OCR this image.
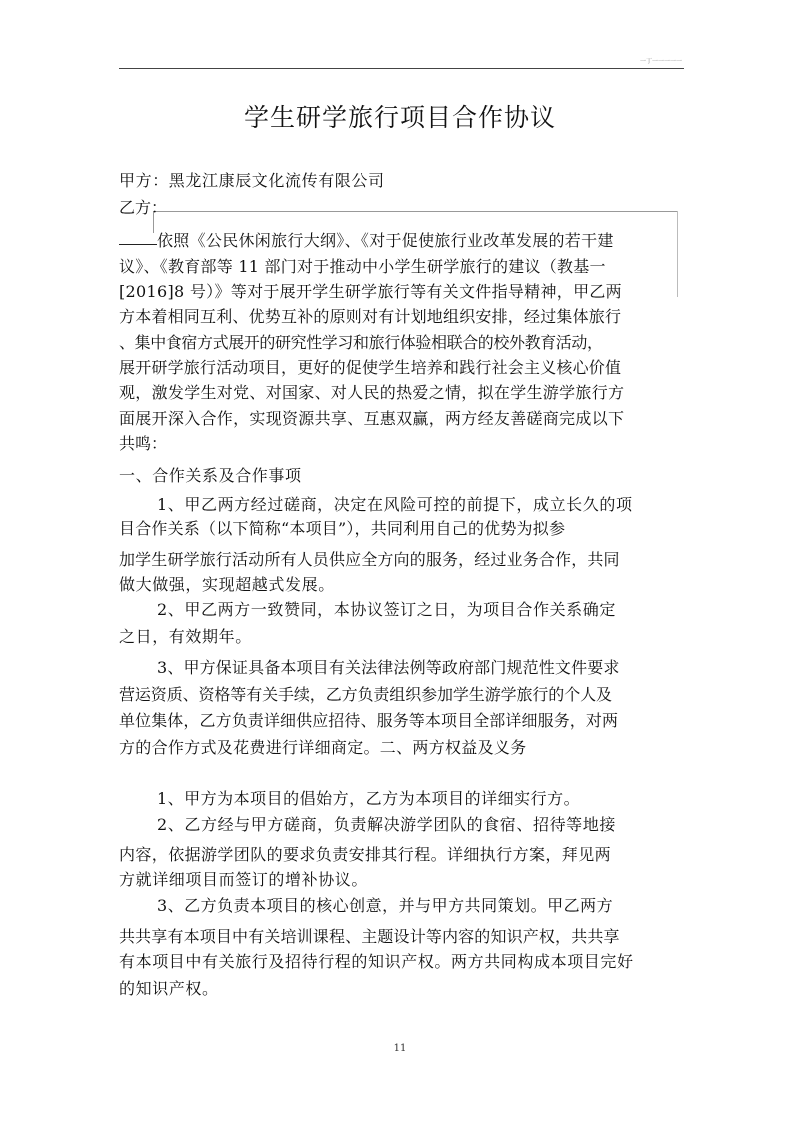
一丁一一一一一
学生研学旅行项目合作协议
甲方：黑龙江康辰文化流传有限公司
乙方：
依照《公民休闲旅行大纲》、《对于促使旅行业改革发展的若干建
议》、《教育部等 11 部门对于推动中小学生研学旅行的建议（教基一
[2016]8 号）》等对于展开学生研学旅行等有关文件指导精神，甲乙两
方本着相同互利、优势互补的原则对有计划地组织安排，经过集体旅行
、集中食宿方式展开的研究性学习和旅行体验相联合的校外教育活动，
展开研学旅行活动项目，更好的促使学生培养和践行社会主义核心价值
观，激发学生对党、对国家、对人民的热爱之情，拟在学生游学旅行方
面展开深入合作，实现资源共享、互惠双赢，两方经友善磋商完成以下
共鸣：
一、合作关系及合作事项
1、甲乙两方经过磋商，决定在风险可控的前提下，成立长久的项
目合作关系（以下简称“本项目”），共同利用自己的优势为拟参
加学生研学旅行活动所有人员供应全方向的服务，经过业务合作，共同
做大做强，实现超越式发展。
2、甲乙两方一致赞同，本协议签订之日，为项目合作关系确定
之日，有效期年。
3、甲方保证具备本项目有关法律法例等政府部门规范性文件要求
营运资质、资格等有关手续，乙方负责组织参加学生游学旅行的个人及
单位集体，乙方负责详细供应招待、服务等本项目全部详细服务，对两
方的合作方式及花费进行详细商定。二、两方权益及义务
1、甲方为本项目的倡始方，乙方为本项目的详细实行方。
2、乙方经与甲方磋商，负责解决游学团队的食宿、招待等地接
内容，依据游学团队的要求负责安排其行程。详细执行方案，拜见两
方就详细项目而签订的增补协议。
3、乙方负责本项目的核心创意，并与甲方共同策划。甲乙两方
共共享有本项目中有关培训课程、主题设计等内容的知识产权，共共享
有本项目中有关旅行及招待行程的知识产权。两方共同构成本项目完好
的知识产权。
11
